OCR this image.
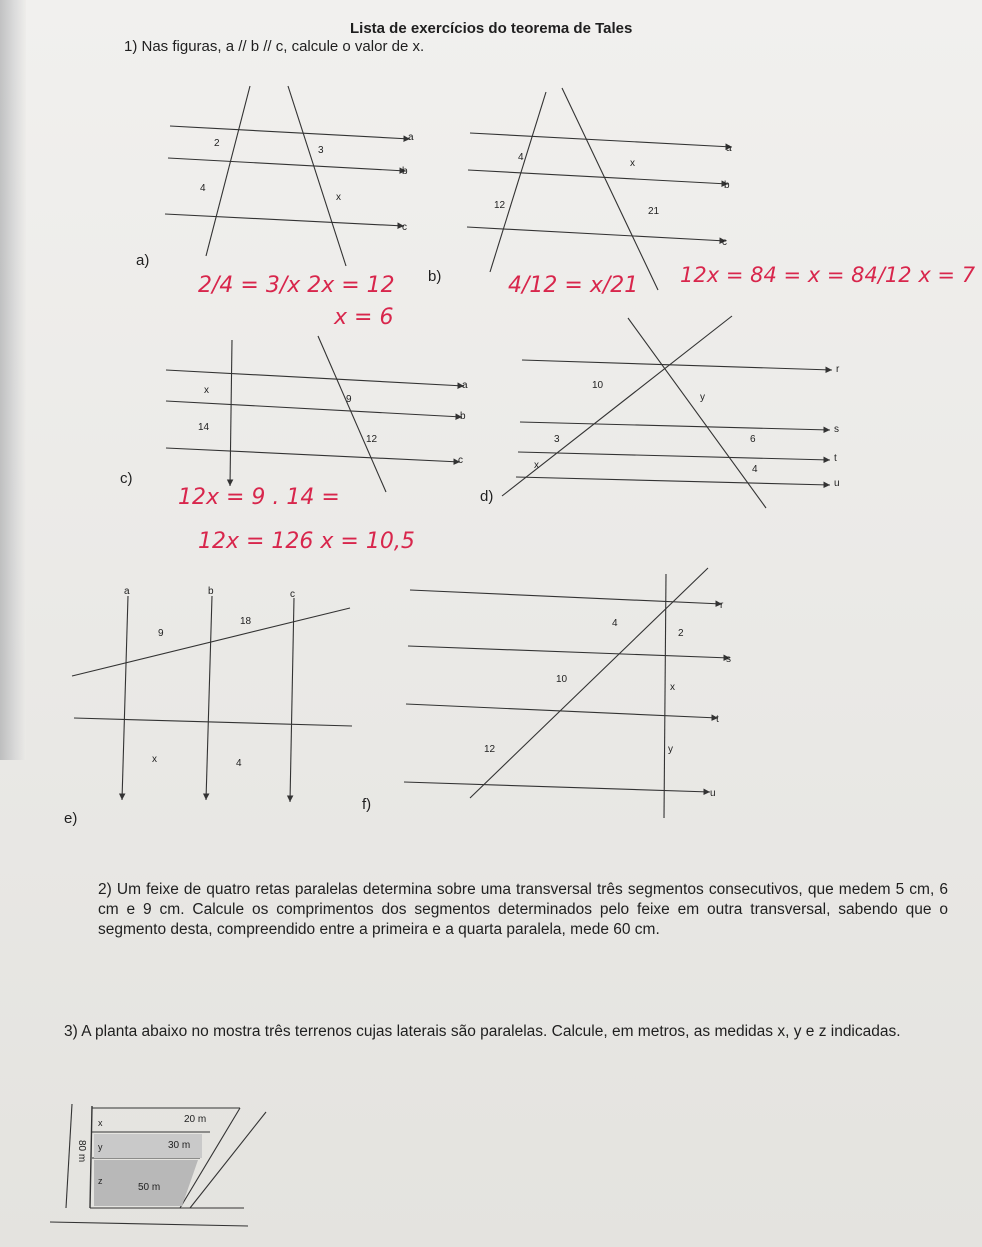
Lista de exercícios do teorema de Tales
1) Nas figuras, a // b // c, calcule o valor de x.
a)
b)
c)
d)
e)
f)
a
b
c
2
3
4
x
a
b
c
4
x
12
21
a
b
c
x
9
14
12
r
s
t
u
10
y
3	6
x	4
a	b	c
9
18
x	4
r
s
t
u
4
2
10
x
12	y
x
y
z
20 m
30 m
50 m
80 m
2/4 = 3/x 2x = 12
x = 6
4/12 = x/21 12x = 84 = x = 84/12 x = 7
12x = 9 . 14 =
12x = 126 x = 10,5
2) Um feixe de quatro retas paralelas determina sobre uma transversal três segmentos consecutivos, que medem 5 cm, 6 cm e 9 cm. Calcule os comprimentos dos segmentos determinados pelo feixe em outra transversal, sabendo que o segmento desta, compreendido entre a primeira e a quarta paralela, mede 60 cm.
3) A planta abaixo no mostra três terrenos cujas laterais são paralelas. Calcule, em metros, as medidas x, y e z indicadas.
